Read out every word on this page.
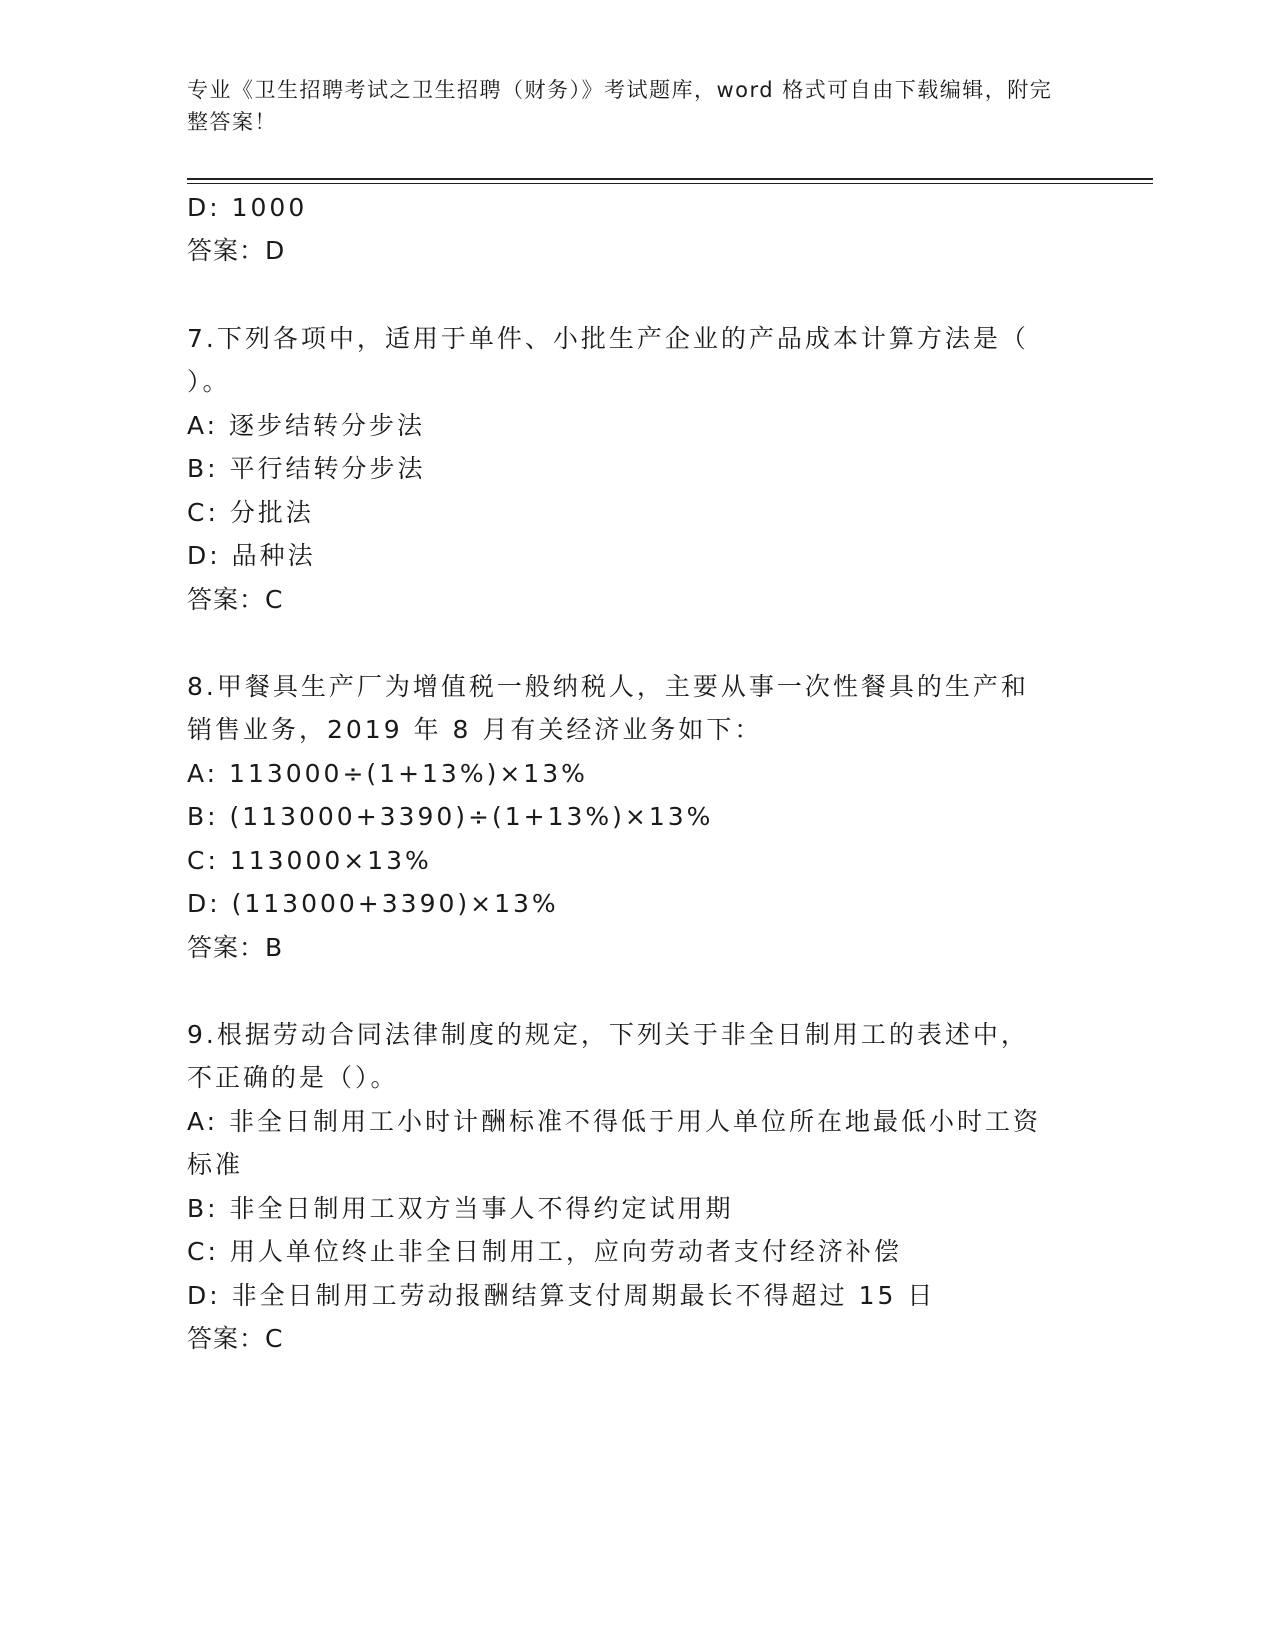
专业《卫生招聘考试之卫生招聘（财务）》考试题库，word 格式可自由下载编辑，附完整答案！
D: 1000
答案：D
7.下列各项中，适用于单件、小批生产企业的产品成本计算方法是（
）。
A: 逐步结转分步法
B: 平行结转分步法
C: 分批法
D: 品种法
答案：C
8.甲餐具生产厂为增值税一般纳税人，主要从事一次性餐具的生产和
销售业务，2019 年 8 月有关经济业务如下：
A: 113000÷(1+13%)×13%
B: (113000+3390)÷(1+13%)×13%
C: 113000×13%
D: (113000+3390)×13%
答案：B
9.根据劳动合同法律制度的规定，下列关于非全日制用工的表述中，
不正确的是（）。
A: 非全日制用工小时计酬标准不得低于用人单位所在地最低小时工资
标准
B: 非全日制用工双方当事人不得约定试用期
C: 用人单位终止非全日制用工，应向劳动者支付经济补偿
D: 非全日制用工劳动报酬结算支付周期最长不得超过 15 日
答案：C
